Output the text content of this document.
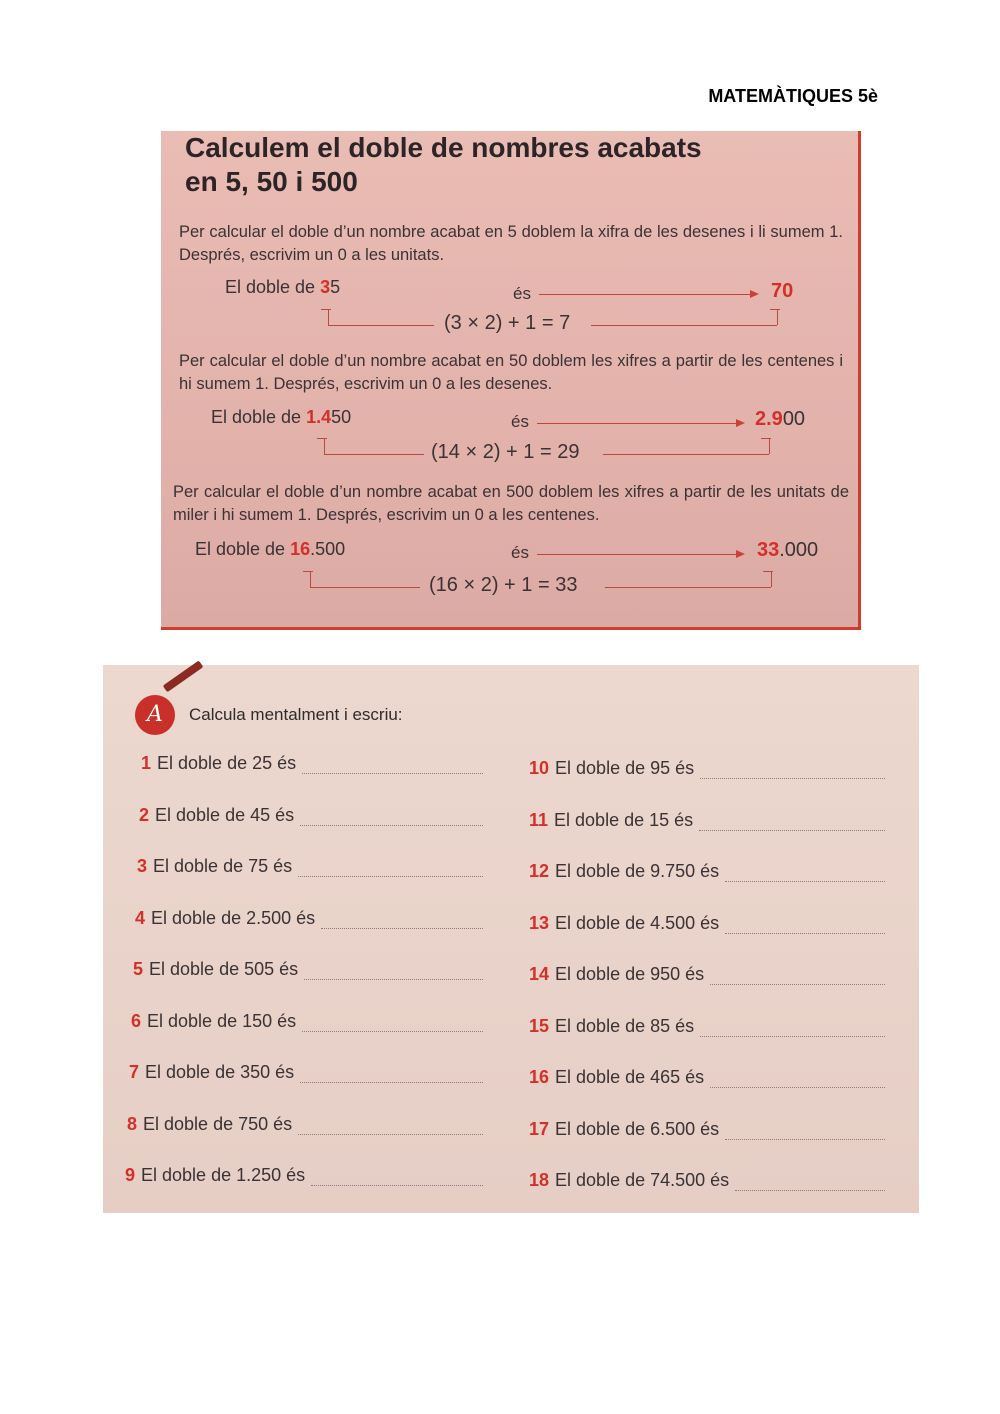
MATEMÀTIQUES 5è
Calculem el doble de nombres acabats
en 5, 50 i 500
Per calcular el doble d’un nombre acabat en 5 doblem la xifra de les desenes i li sumem 1. Després, escrivim un 0 a les unitats.
El doble de 35	és	70
(3 × 2) + 1 = 7
Per calcular el doble d’un nombre acabat en 50 doblem les xifres a partir de les centenes i hi sumem 1. Després, escrivim un 0 a les desenes.
El doble de 1.450	és	2.900
(14 × 2) + 1 = 29
Per calcular el doble d’un nombre acabat en 500 doblem les xifres a partir de les unitats de miler i hi sumem 1. Després, escrivim un 0 a les centenes.
El doble de 16.500	és	33.000
(16 × 2) + 1 = 33
A	Calcula mentalment i escriu:
1 El doble de 25 és
2 El doble de 45 és
3 El doble de 75 és
4 El doble de 2.500 és
5 El doble de 505 és
6 El doble de 150 és
7 El doble de 350 és
8 El doble de 750 és
9 El doble de 1.250 és
10 El doble de 95 és
11 El doble de 15 és
12 El doble de 9.750 és
13 El doble de 4.500 és
14 El doble de 950 és
15 El doble de 85 és
16 El doble de 465 és
17 El doble de 6.500 és
18 El doble de 74.500 és
